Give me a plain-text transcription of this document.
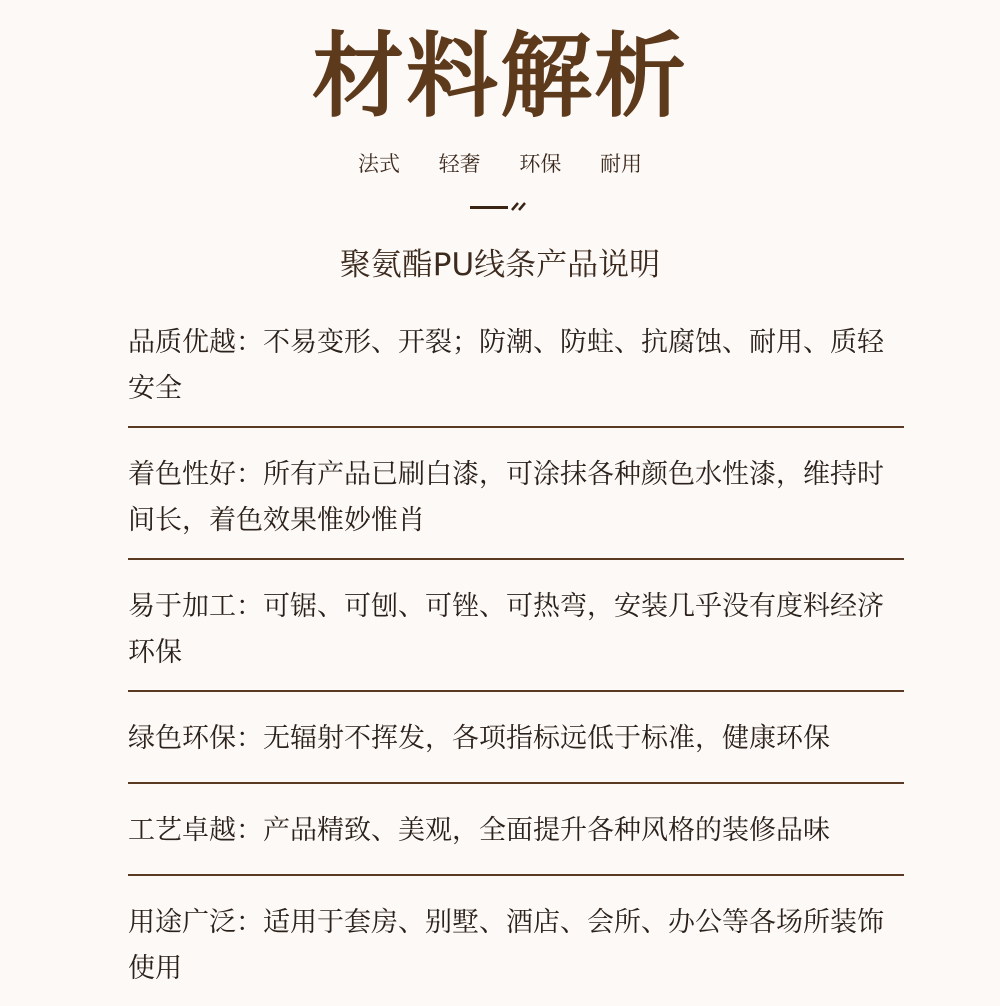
材料解析
法式 轻奢 环保 耐用
聚氨酯PU线条产品说明
品质优越：不易变形、开裂；防潮、防蛀、抗腐蚀、耐用、质轻安全
着色性好：所有产品已刷白漆，可涂抹各种颜色水性漆，维持时间长，着色效果惟妙惟肖
易于加工：可锯、可刨、可锉、可热弯，安装几乎没有度料经济环保
绿色环保：无辐射不挥发，各项指标远低于标准，健康环保
工艺卓越：产品精致、美观，全面提升各种风格的装修品味
用途广泛：适用于套房、别墅、酒店、会所、办公等各场所装饰使用
